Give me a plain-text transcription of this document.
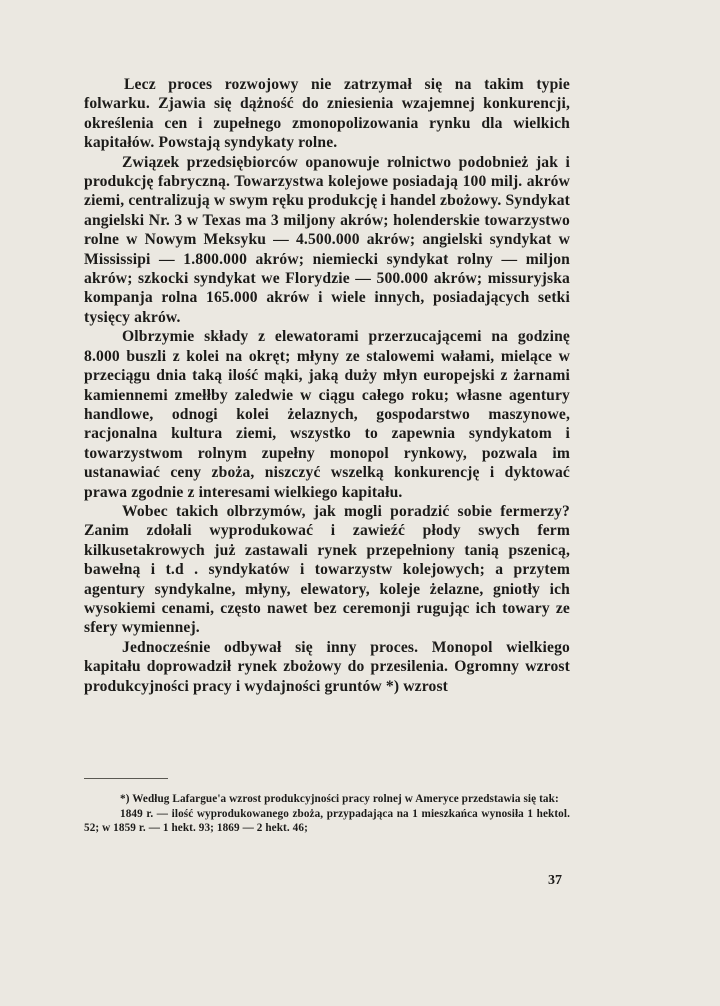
Lecz proces rozwojowy nie zatrzymał się na takim typie folwarku. Zjawia się dążność do zniesienia wzajemnej konkurencji, określenia cen i zupełnego zmonopolizowania rynku dla wielkich kapitałów. Powstają syndykaty rolne.

Związek przedsiębiorców opanowuje rolnictwo podobnież jak i produkcję fabryczną. Towarzystwa kolejowe posiadają 100 milj. akrów ziemi, centralizują w swym ręku produkcję i handel zbożowy. Syndykat angielski Nr. 3 w Texas ma 3 miljony akrów; holenderskie towarzystwo rolne w Nowym Meksyku — 4.500.000 akrów; angielski syndykat w Mississipi — 1.800.000 akrów; niemiecki syndykat rolny — miljon akrów; szkocki syndykat we Florydzie — 500.000 akrów; missuryjska kompanja rolna 165.000 akrów i wiele innych, posiadających setki tysięcy akrów.

Olbrzymie składy z elewatorami przerzucającemi na godzinę 8.000 buszli z kolei na okręt; młyny ze stalowemi wałami, mielące w przeciągu dnia taką ilość mąki, jaką duży młyn europejski z żarnami kamiennemi zmełłby zaledwie w ciągu całego roku; własne agentury handlowe, odnogi kolei żelaznych, gospodarstwo maszynowe, racjonalna kultura ziemi, wszystko to zapewnia syndykatom i towarzystwom rolnym zupełny monopol rynkowy, pozwala im ustanawiać ceny zboża, niszczyć wszelką konkurencję i dyktować prawa zgodnie z interesami wielkiego kapitału.

Wobec takich olbrzymów, jak mogli poradzić sobie fermerzy? Zanim zdołali wyprodukować i zawieźć płody swych ferm kilkusetakrowych już zastawali rynek przepełniony tanią pszenicą, bawełną i t.d . syndykatów i towarzystw kolejowych; a przytem agentury syndykalne, młyny, elewatory, koleje żelazne, gniotły ich wysokiemi cenami, często nawet bez ceremonji rugując ich towary ze sfery wymiennej.

Jednocześnie odbywał się inny proces. Monopol wielkiego kapitału doprowadził rynek zbożowy do przesilenia. Ogromny wzrost produkcyjności pracy i wydajności gruntów *) wzrost

*) Według Lafargue'a wzrost produkcyjności pracy rolnej w Ameryce przedstawia się tak:
1849 r. — ilość wyprodukowanego zboża, przypadająca na 1 mieszkańca wynosiła 1 hektol. 52; w 1859 r. — 1 hekt. 93; 1869 — 2 hekt. 46;
37
